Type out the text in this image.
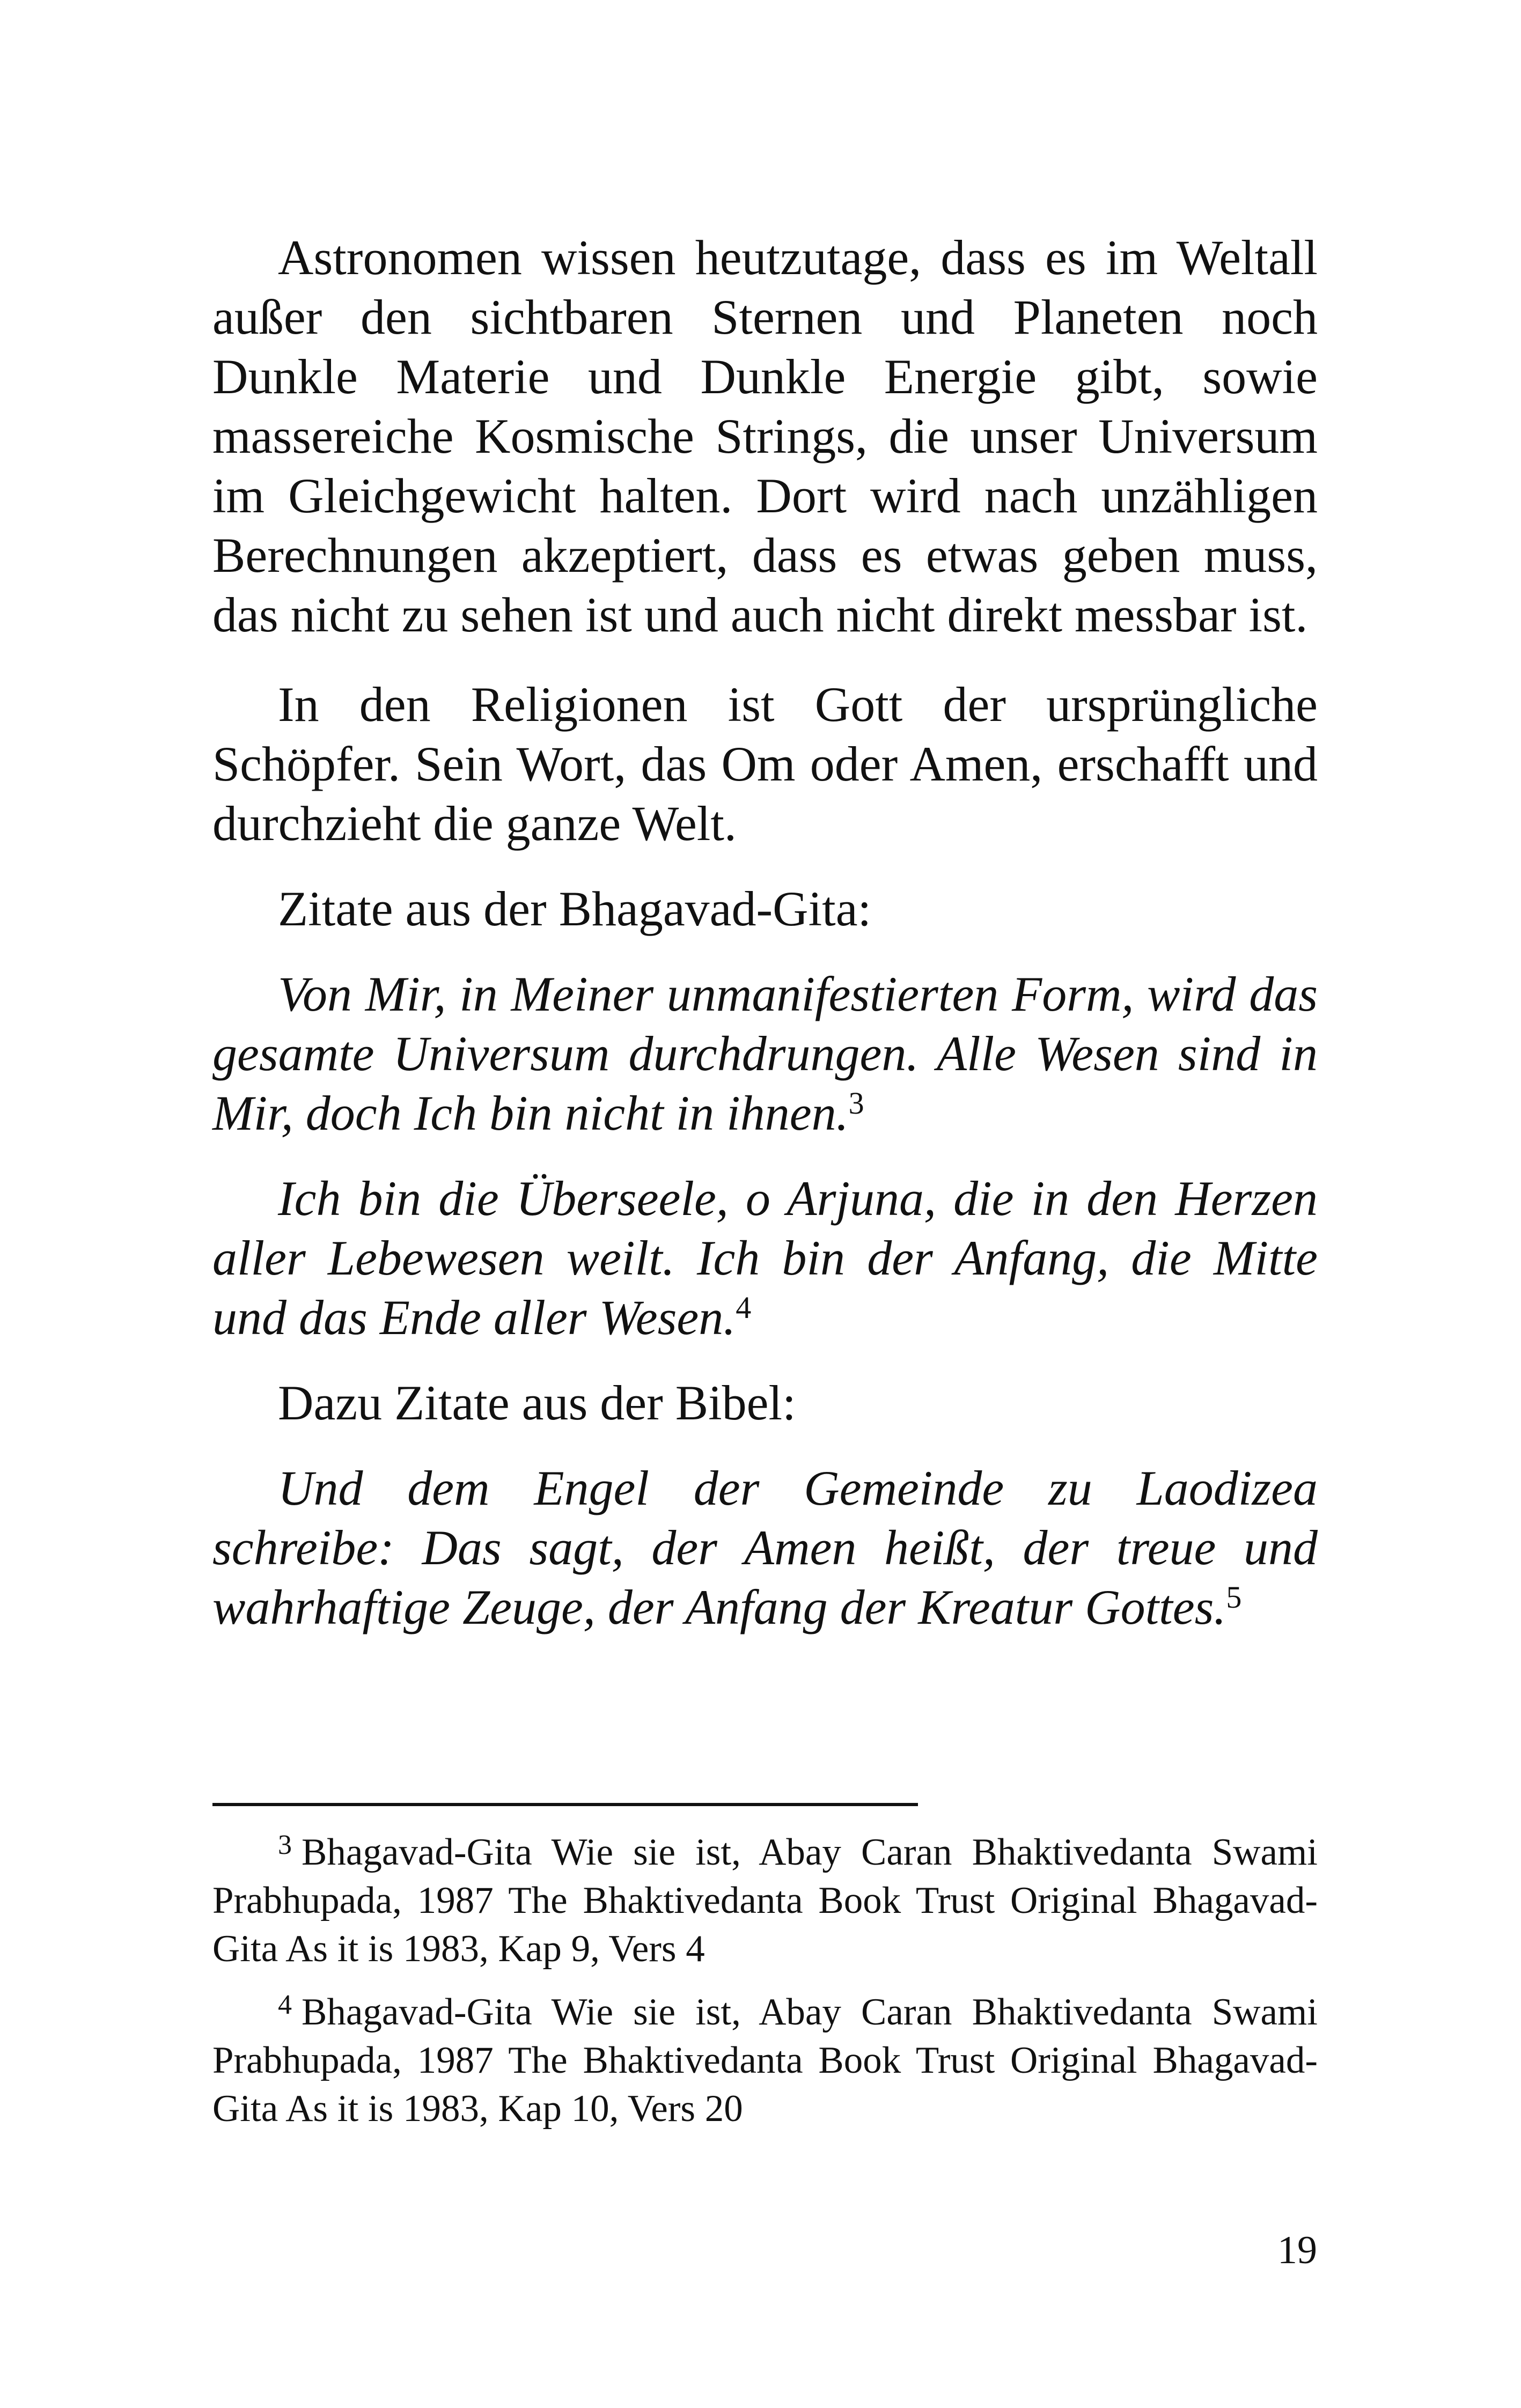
Astronomen wissen heutzutage, dass es im Weltall außer den sichtbaren Sternen und Planeten noch Dunkle Materie und Dunkle Energie gibt, sowie massereiche Kosmische Strings, die unser Universum im Gleichgewicht halten. Dort wird nach unzähligen Berechnungen akzeptiert, dass es etwas geben muss, das nicht zu sehen ist und auch nicht direkt messbar ist.

In den Religionen ist Gott der ursprüngliche Schöpfer. Sein Wort, das Om oder Amen, erschafft und durchzieht die ganze Welt.

Zitate aus der Bhagavad-Gita:

Von Mir, in Meiner unmanifestierten Form, wird das gesamte Universum durchdrungen. Alle Wesen sind in Mir, doch Ich bin nicht in ihnen.$^3$

Ich bin die Überseele, o Arjuna, die in den Herzen aller Lebewesen weilt. Ich bin der Anfang, die Mitte und das Ende aller Wesen.$^4$

Dazu Zitate aus der Bibel:

Und dem Engel der Gemeinde zu Laodizea schreibe: Das sagt, der Amen heißt, der treue und wahrhaftige Zeuge, der Anfang der Kreatur Gottes.$^5$

$^3$ Bhagavad-Gita Wie sie ist, Abay Caran Bhaktivedanta Swami Prabhupada, 1987 The Bhaktivedanta Book Trust Original Bhagavad-Gita As it is 1983, Kap 9, Vers 4

$^4$ Bhagavad-Gita Wie sie ist, Abay Caran Bhaktivedanta Swami Prabhupada, 1987 The Bhaktivedanta Book Trust Original Bhagavad-Gita As it is 1983, Kap 10, Vers 20

19
